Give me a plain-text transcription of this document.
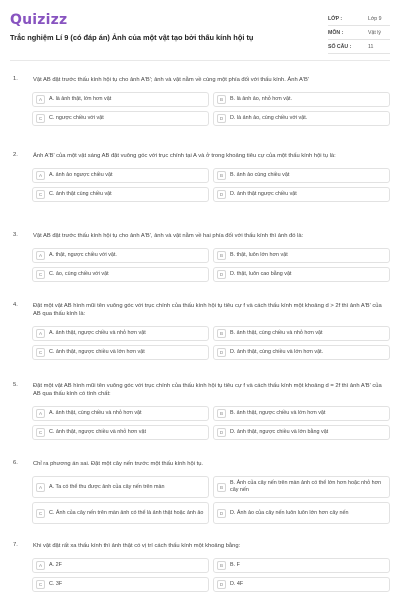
Quizizz
Trắc nghiệm Lí 9 (có đáp án) Ảnh của một vật tạo bởi thấu kính hội tụ
LỚP :	Lớp 9
MÔN :	Vật lý
SỐ CÂU :	11
1.	Vật AB đặt trước thấu kính hội tụ cho ảnh A'B'; ảnh và vật nằm về cùng một phía đối với thấu kính. Ảnh A'B'
A	A. là ảnh thật, lớn hơn vật	B	B. là ảnh ảo, nhỏ hơn vật.
C	C. ngược chiều với vật	D	D. là ảnh ảo, cùng chiều với vật.
2.	Ảnh A'B' của một vật sáng AB đặt vuông góc với trục chính tại A và ở trong khoảng tiêu cự của một thấu kính hội tụ là:
A	A. ảnh ảo ngược chiều vật	B	B. ảnh ảo cùng chiều vật
C	C. ảnh thật cùng chiều vật	D	D. ảnh thật ngược chiều vật
3.	Vật AB đặt trước thấu kính hội tụ cho ảnh A'B', ảnh và vật nằm về hai phía đối với thấu kính thì ảnh đó là:
A	A. thật, ngược chiều với vật.	B	B. thật, luôn lớn hơn vật
C	C. ảo, cùng chiều với vật	D	D. thật, luôn cao bằng vật
4.	Đặt một vật AB hình mũi tên vuông góc với trục chính của thấu kính hội tụ tiêu cự f và cách thấu kính một khoảng d > 2f thì ảnh A'B' của AB qua thấu kính là:
A	A. ảnh thật, ngược chiều và nhỏ hơn vật	B	B. ảnh thật, cùng chiều và nhỏ hơn vật
C	C. ảnh thật, ngược chiều và lớn hơn vật	D	D. ảnh thật, cùng chiều và lớn hơn vật.
5.	Đặt một vật AB hình mũi tên vuông góc với trục chính của thấu kính hội tụ tiêu cự f và cách thấu kính một khoảng d = 2f thì ảnh A'B' của AB qua thấu kính có tính chất:
A	A. ảnh thật, cùng chiều và nhỏ hơn vật	B	B. ảnh thật, ngược chiều và lớn hơn vật
C	C. ảnh thật, ngược chiều và nhỏ hơn vật	D	D. ảnh thật, ngược chiều và lớn bằng vật
6.	Chỉ ra phương án sai. Đặt một cây nến trước một thấu kính hội tụ.
A	A. Ta có thể thu được ảnh của cây nến trên màn	B
B. Ảnh của cây nến trên màn ảnh có thể lớn hơn hoặc nhỏ hơn cây nến
C	C. Ảnh của cây nến trên màn ảnh có thể là ảnh thật hoặc ảnh ảo	D	D. Ảnh ảo của cây nến luôn luôn lớn hơn cây nến
7.	Khi vật đặt rất xa thấu kính thì ảnh thật có vị trí cách thấu kính một khoảng bằng:
A	A. 2F	B	B. F
C	C. 3F	D	D. 4F
